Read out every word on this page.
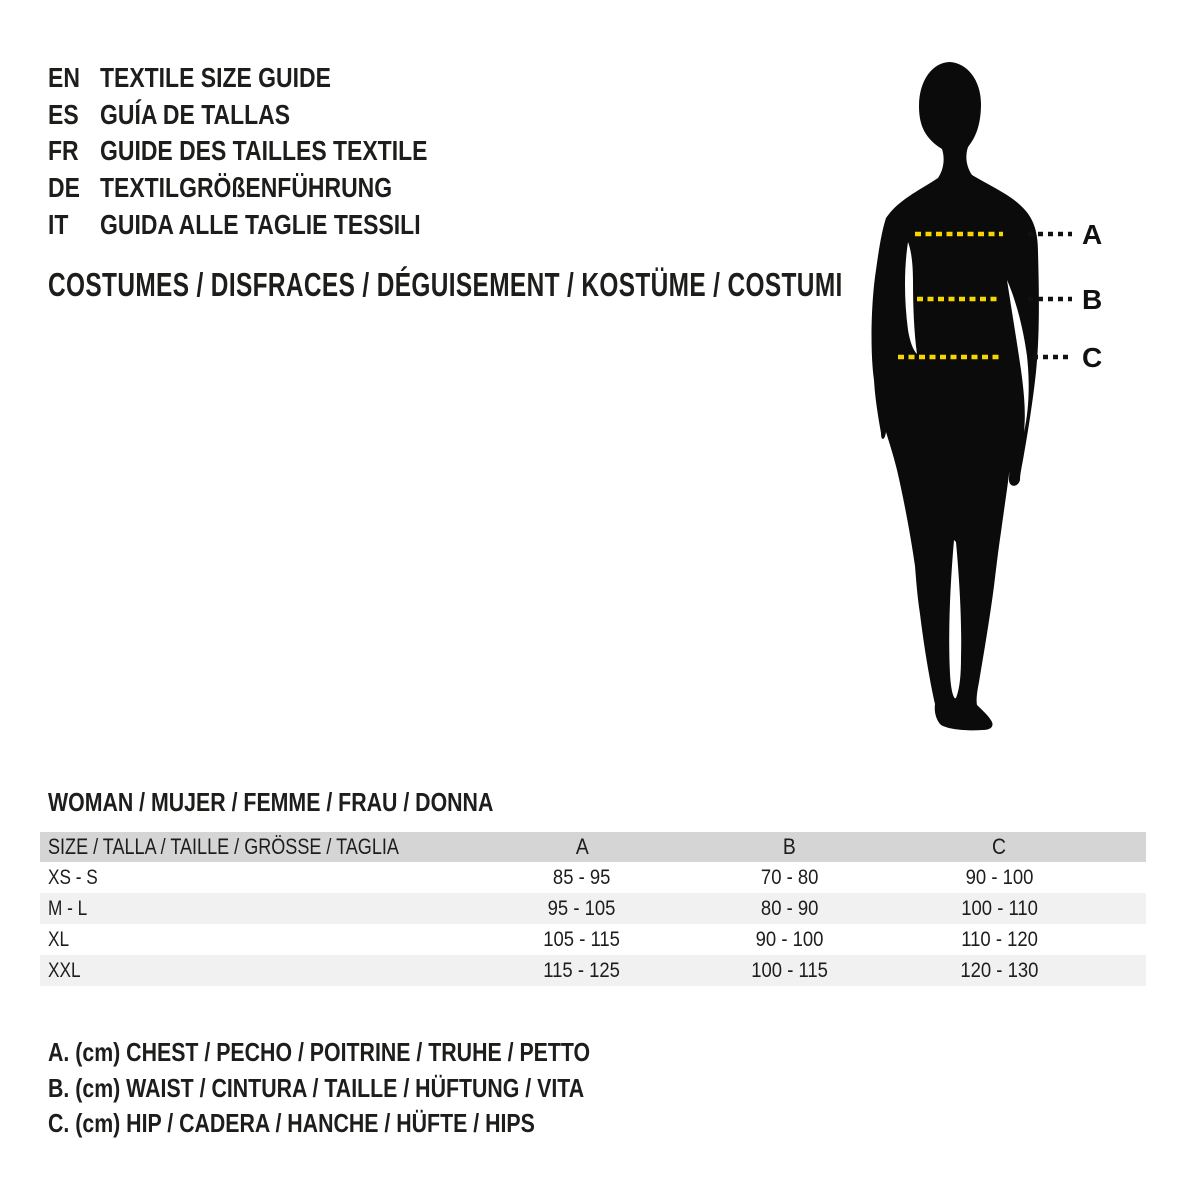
EN TEXTILE SIZE GUIDE
ES GUÍA DE TALLAS
FR GUIDE DES TAILLES TEXTILE
DE TEXTILGRÖßENFÜHRUNG
IT	GUIDA ALLE TAGLIE TESSILI
COSTUMES / DISFRACES / DÉGUISEMENT / KOSTÜME / COSTUMI
A
B
C
WOMAN / MUJER / FEMME / FRAU / DONNA
SIZE / TALLA / TAILLE / GRÖSSE / TAGLIA	A	B	C
XS - S	85 - 95	70 - 80	90 - 100
M - L	95 - 105	80 - 90	100 - 110
XL	105 - 115	90 - 100	110 - 120
XXL	115 - 125	100 - 115	120 - 130
A. (cm) CHEST / PECHO / POITRINE / TRUHE / PETTO
B. (cm) WAIST / CINTURA / TAILLE / HÜFTUNG / VITA
C. (cm) HIP / CADERA / HANCHE / HÜFTE / HIPS
